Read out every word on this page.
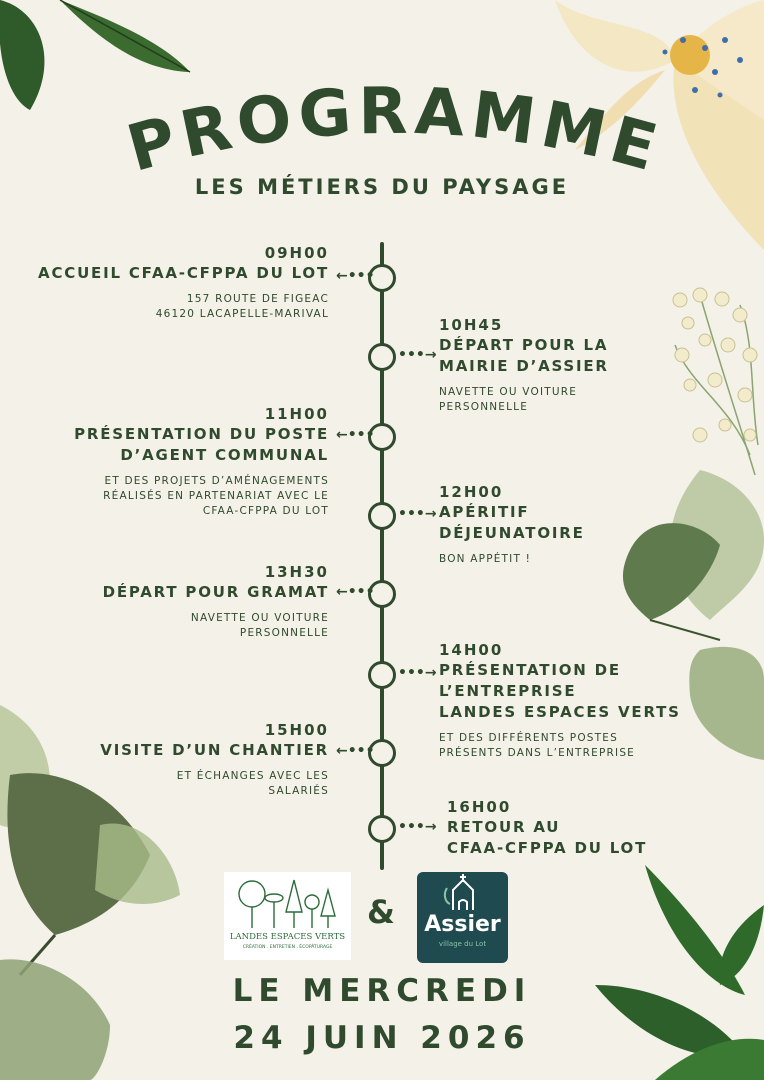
PROGRAMME
LES MÉTIERS DU PAYSAGE
←•••
09H00
ACCUEIL CFAA-CFPPA DU LOT
157 ROUTE DE FIGEAC
46120 LACAPELLE-MARIVAL
•••→
10H45
DÉPART POUR LA
MAIRIE D’ASSIER
NAVETTE OU VOITURE
PERSONNELLE
←•••
11H00
PRÉSENTATION DU POSTE
D’AGENT COMMUNAL
ET DES PROJETS D’AMÉNAGEMENTS
RÉALISÉS EN PARTENARIAT AVEC LE
CFAA-CFPPA DU LOT	•••→
12H00
APÉRITIF
DÉJEUNATOIRE
BON APPÉTIT !
←•••
13H30
DÉPART POUR GRAMAT
NAVETTE OU VOITURE
PERSONNELLE
•••→
14H00
PRÉSENTATION DE
L’ENTREPRISE
LANDES ESPACES VERTS
ET DES DIFFÉRENTS POSTES
PRÉSENTS DANS L’ENTREPRISE
←•••
15H00
VISITE D’UN CHANTIER
ET ÉCHANGES AVEC LES
SALARIÉS
•••→
16H00
RETOUR AU
CFAA-CFPPA DU LOT
LANDES ESPACES VERTS
CRÉATION . ENTRETIEN . ÉCOPÂTURAGE
&	Assier
village du Lot
LE MERCREDI
24 JUIN 2026
